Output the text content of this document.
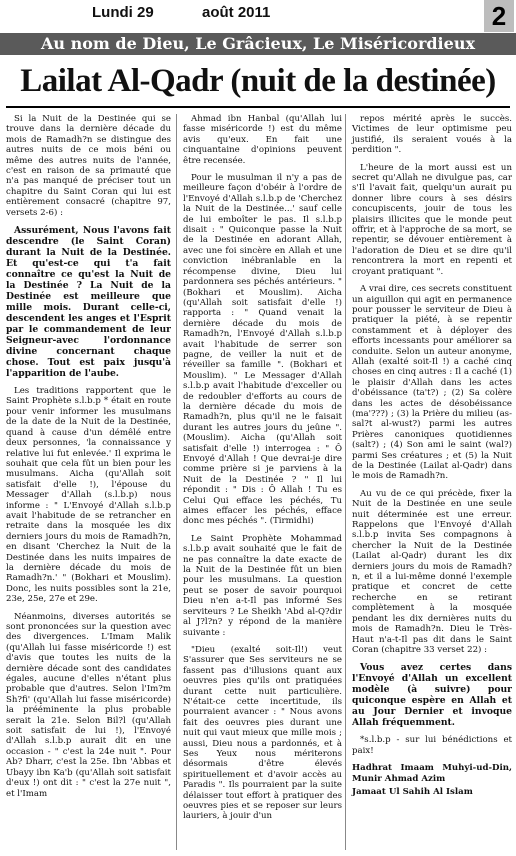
Lundi 29	août 2011	2
Au nom de Dieu, Le Grâcieux, Le Miséricordieux
Lailat Al-Qadr (nuit de la destinée)

Si la Nuit de la Destinée qui se trouve dans la dernière décade du mois de Ramadh?n se distingue des autres nuits de ce mois béni ou même des autres nuits de l'année, c'est en raison de sa primauté que n'a pas manqué de préciser tout un chapitre du Saint Coran qui lui est entièrement consacré (chapitre 97, versets 2-6) :

Assurément, Nous l'avons fait descendre (le Saint Coran) durant la Nuit de la Destinée. Et qu'est-ce qui t'a fait connaître ce qu'est la Nuit de la Destinée ? La Nuit de la Destinée est meilleure que mille mois. Durant celle-ci, descendent les anges et l'Esprit par le commandement de leur Seigneur-avec l'ordonnance divine concernant chaque chose. Tout est paix jusqu'à l'apparition de l'aube.

Les traditions rapportent que le Saint Prophète s.l.b.p * était en route pour venir informer les musulmans de la date de la Nuit de la Destinée, quand à cause d'un démêlé entre deux personnes, 'la connaissance y relative lui fut enlevée.' Il exprima le souhait que cela fût un bien pour les musulmans. Aicha (qu'Allah soit satisfait d'elle !), l'épouse du Messager d'Allah (s.l.b.p) nous informe : " L'Envoyé d'Allah s.l.b.p avait l'habitude de se retrancher en retraite dans la mosquée les dix derniers jours du mois de Ramadh?n, en disant 'Cherchez la Nuit de la Destinée dans les nuits impaires de la dernière décade du mois de Ramadh?n.' " (Bokhari et Mouslim). Donc, les nuits possibles sont la 21e, 23e, 25e, 27e et 29e.

Néanmoins, diverses autorités se sont prononcées sur la question avec des divergences. L'Imam Malik (qu'Allah lui fasse miséricorde !) est d'avis que toutes les nuits de la dernière décade sont des candidates égales, aucune d'elles n'étant plus probable que d'autres. Selon l'Im?m Sh?fi' (qu'Allah lui fasse miséricorde) la prééminente la plus probable serait la 21e. Selon Bil?l (qu'Allah soit satisfait de lui !), l'Envoyé d'Allah s.l.b.p aurait dit en une occasion - " c'est la 24e nuit ". Pour Ab? Dharr, c'est la 25e. Ibn 'Abbas et Ubayy ibn Ka'b (qu'Allah soit satisfait d'eux !) ont dit : " c'est la 27e nuit ", et l'Imam

Ahmad ibn Hanbal (qu'Allah lui fasse miséricorde !) est du même avis qu'eux. En fait une cinquantaine d'opinions peuvent être recensée.

Pour le musulman il n'y a pas de meilleure façon d'obéir à l'ordre de l'Envoyé d'Allah s.l.b.p de 'Cherchez la Nuit de la Destinée...' sauf celle de lui emboîter le pas. Il s.l.b.p disait : " Quiconque passe la Nuit de la Destinée en adorant Allah, avec une foi sincère en Allah et une conviction inébranlable en la récompense divine, Dieu lui pardonnera ses péchés antérieurs. " (Bokhari et Mouslim). Aicha (qu'Allah soit satisfait d'elle !) rapporta : " Quand venait la dernière décade du mois de Ramadh?n, l'Envoyé d'Allah s.l.b.p avait l'habitude de serrer son pagne, de veiller la nuit et de réveiller sa famille ". (Bokhari et Mouslim). " Le Messager d'Allah s.l.b.p avait l'habitude d'exceller ou de redoubler d'efforts au cours de la dernière décade du mois de Ramadh?n, plus qu'il ne le faisait durant les autres jours du jeûne ". (Mouslim). Aicha (qu'Allah soit satisfait d'elle !) interrogea : " Ô Envoyé d'Allah ! Que devrai-je dire comme prière si je parviens à la Nuit de la Destinée ? " Il lui répondit : " Dis : Ô Allah ! Tu es Celui Qui efface les péchés, Tu aimes effacer les péchés, efface donc mes péchés ". (Tirmidhi)

Le Saint Prophète Mohammad s.l.b.p avait souhaité que le fait de ne pas connaître la date exacte de la Nuit de la Destinée fût un bien pour les musulmans. La question peut se poser de savoir pourquoi Dieu n'en a-t-Il pas informé Ses serviteurs ? Le Sheikh 'Abd al-Q?dir al J?l?n? y répond de la manière suivante :

"Dieu (exalté soit-Il!) veut S'assurer que Ses serviteurs ne se fassent pas d'illusions quant aux oeuvres pies qu'ils ont pratiquées durant cette nuit particulière. N'était-ce cette incertitude, ils pourraient avancer : " Nous avons fait des oeuvres pies durant une nuit qui vaut mieux que mille mois ; aussi, Dieu nous a pardonnés, et à Ses Yeux nous mériterons désormais d'être élevés spirituellement et d'avoir accès au Paradis ". Ils pourraient par la suite délaisser tout effort à pratiquer des oeuvres pies et se reposer sur leurs lauriers, à jouir d'un

repos mérité après le succès. Victimes de leur optimisme peu justifié, ils seraient voués à la perdition ".

L'heure de la mort aussi est un secret qu'Allah ne divulgue pas, car s'Il l'avait fait, quelqu'un aurait pu donner libre cours à ses désirs concupiscents, jouir de tous les plaisirs illicites que le monde peut offrir, et à l'approche de sa mort, se repentir, se dévouer entièrement à l'adoration de Dieu et se dire qu'il rencontrera la mort en repenti et croyant pratiquant ".

A vrai dire, ces secrets constituent un aiguillon qui agit en permanence pour pousser le serviteur de Dieu à pratiquer la piété, à se repentir constamment et à déployer des efforts incessants pour améliorer sa conduite. Selon un auteur anonyme, Allah (exalté soit-Il !) a caché cinq choses en cinq autres : Il a caché (1) le plaisir d'Allah dans les actes d'obéissance (ta't?) ; (2) Sa colère dans les actes de désobéissance (ma'???) ; (3) la Prière du milieu (as-sal?t al-wust?) parmi les autres Prières canoniques quotidiennes (salt?) ; (4) Son ami le saint (wal?) parmi Ses créatures ; et (5) la Nuit de la Destinée (Lailat al-Qadr) dans le mois de Ramadh?n.

Au vu de ce qui précède, fixer la Nuit de la Destinée en une seule nuit déterminée est une erreur. Rappelons que l'Envoyé d'Allah s.l.b.p invita Ses compagnons à chercher la Nuit de la Destinée (Lailat al-Qadr) durant les dix derniers jours du mois de Ramadh?n, et il a lui-même donné l'exemple pratique et concret de cette recherche en se retirant complètement à la mosquée pendant les dix dernières nuits du mois de Ramadh?n. Dieu le Très-Haut n'a-t-Il pas dit dans le Saint Coran (chapitre 33 verset 22) :

Vous avez certes dans l'Envoyé d'Allah un excellent modèle (à suivre) pour quiconque espère en Allah et au Jour Dernier et invoque Allah fréquemment.

*s.l.b.p - sur lui bénédictions et paix!

Hadhrat Imaam Muhyi-ud-Din, Munir Ahmad Azim

Jamaat Ul Sahih Al Islam
